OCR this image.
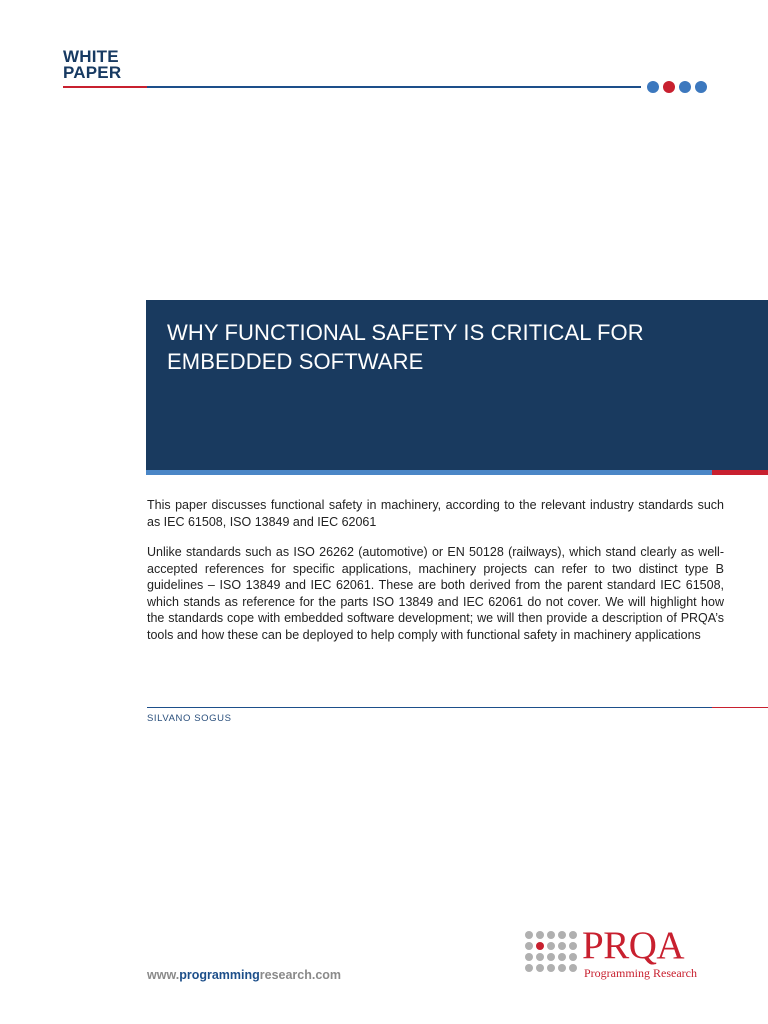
WHITE
PAPER
WHY FUNCTIONAL SAFETY IS CRITICAL FOR
EMBEDDED SOFTWARE

This paper discusses functional safety in machinery, according to the relevant industry standards such as IEC 61508, ISO 13849 and IEC 62061

Unlike standards such as ISO 26262 (automotive) or EN 50128 (railways), which stand clearly as well-accepted references for specific applications, machinery projects can refer to two distinct type B guidelines – ISO 13849 and IEC 62061. These are both derived from the parent standard IEC 61508, which stands as reference for the parts ISO 13849 and IEC 62061 do not cover. We will highlight how the standards cope with embedded software development; we will then provide a description of PRQA’s tools and how these can be deployed to help comply with functional safety in machinery applications

SILVANO SOGUS
www.programmingresearch.com
PRQA
Programming Research
